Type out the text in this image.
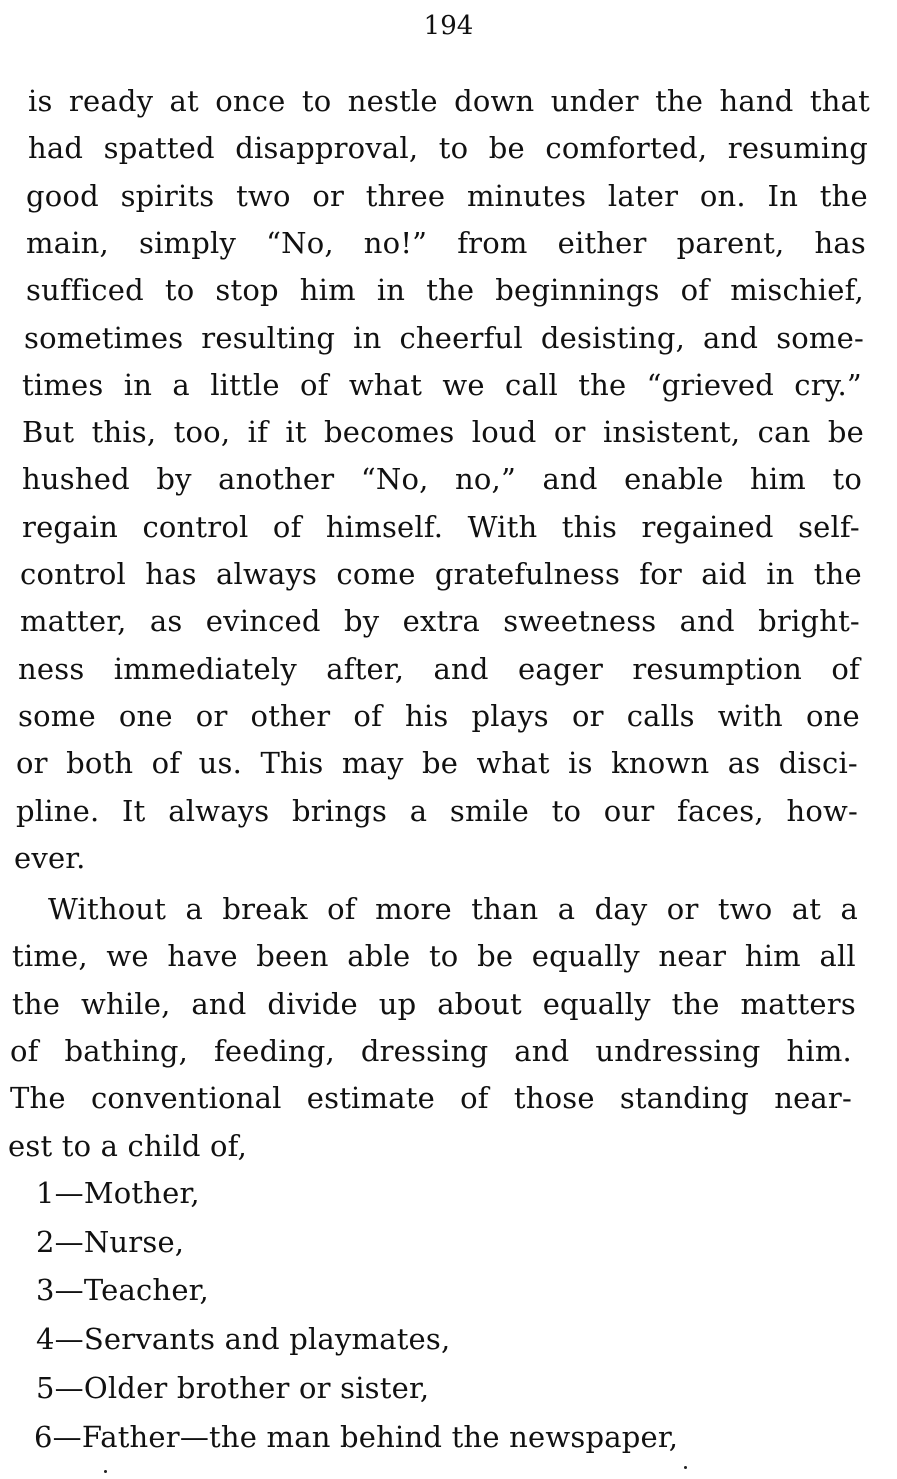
194
is ready at once to nestle down under the hand that
had spatted disapproval, to be comforted, resuming
good spirits two or three minutes later on. In the
main, simply “No, no!” from either parent, has
sufficed to stop him in the beginnings of mischief,
sometimes resulting in cheerful desisting, and some-
times in a little of what we call the “grieved cry.”
But this, too, if it becomes loud or insistent, can be
hushed by another “No, no,” and enable him to
regain control of himself. With this regained self-
control has always come gratefulness for aid in the
matter, as evinced by extra sweetness and bright-
ness immediately after, and eager resumption of
some one or other of his plays or calls with one
or both of us. This may be what is known as disci-
pline. It always brings a smile to our faces, how-
ever.
Without a break of more than a day or two at a
time, we have been able to be equally near him all
the while, and divide up about equally the matters
of bathing, feeding, dressing and undressing him.
The conventional estimate of those standing near-
est to a child of,
1—Mother,
2—Nurse,
3—Teacher,
4—Servants and playmates,
5—Older brother or sister,
6—Father—the man behind the newspaper,
